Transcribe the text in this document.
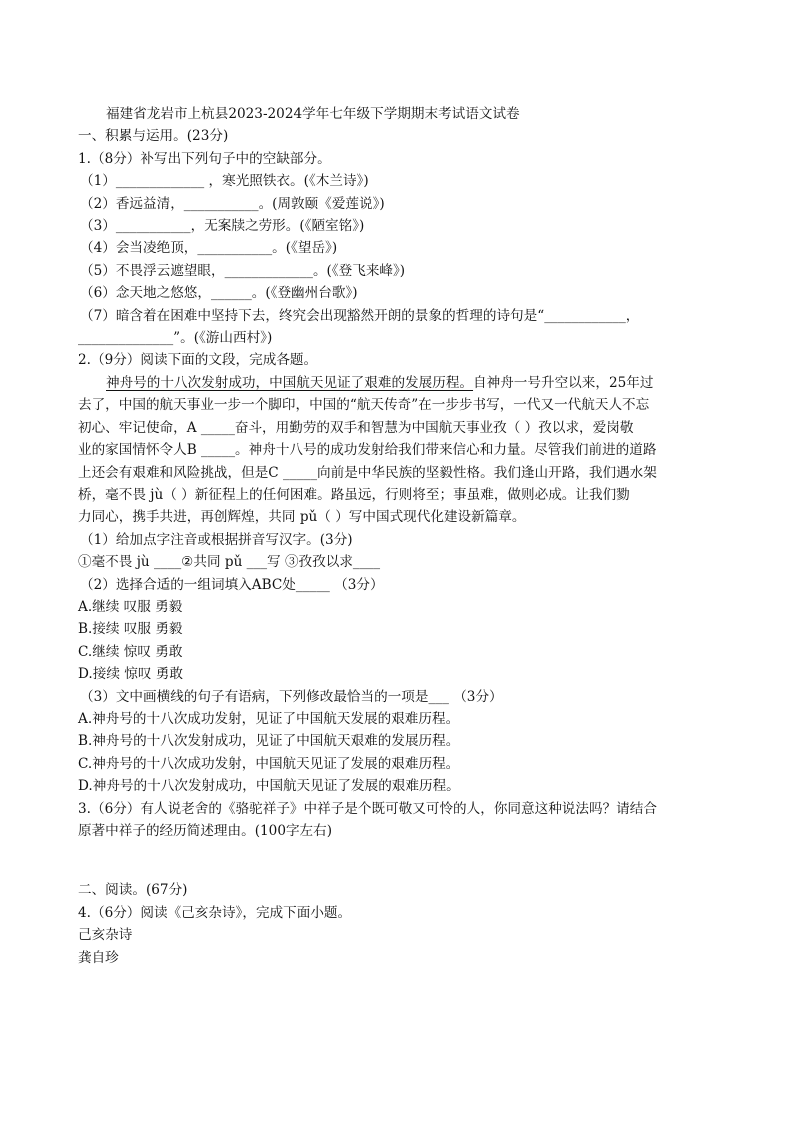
福建省龙岩市上杭县2023-2024学年七年级下学期期末考试语文试卷
一、积累与运用。(23分)
1.（8分）补写出下列句子中的空缺部分。
（1）_____________ ，寒光照铁衣。(《木兰诗》)
（2）香远益清，___________。(周敦颐《爱莲说》)
（3）___________，无案牍之劳形。(《陋室铭》)
（4）会当凌绝顶，___________。(《望岳》)
（5）不畏浮云遮望眼，_____________。(《登飞来峰》)
（6）念天地之悠悠，______。(《登幽州台歌》)
（7）暗含着在困难中坚持下去，终究会出现豁然开朗的景象的哲理的诗句是“____________，
______________”。(《游山西村》)
2.（9分）阅读下面的文段，完成各题。
神舟号的十八次发射成功，中国航天见证了艰难的发展历程。自神舟一号升空以来，25年过
去了，中国的航天事业一步一个脚印，中国的“航天传奇”在一步步书写，一代又一代航天人不忘
初心、牢记使命，A _____奋斗，用勤劳的双手和智慧为中国航天事业孜（ ）孜以求，爱岗敬
业的家国情怀令人B _____。神舟十八号的成功发射给我们带来信心和力量。尽管我们前进的道路
上还会有艰难和风险挑战，但是C _____向前是中华民族的坚毅性格。我们逢山开路，我们遇水架
桥，毫不畏 jù（ ）新征程上的任何困难。路虽远，行则将至；事虽难，做则必成。让我们勠
力同心，携手共进，再创辉煌，共同 pǔ（ ）写中国式现代化建设新篇章。
（1）给加点字注音或根据拼音写汉字。(3分)
①毫不畏 jù ____②共同 pǔ ___写 ③孜孜以求____
（2）选择合适的一组词填入ABC处_____ （3分）
A.继续 叹服 勇毅
B.接续 叹服 勇毅
C.继续 惊叹 勇敢
D.接续 惊叹 勇敢
（3）文中画横线的句子有语病，下列修改最恰当的一项是___ （3分）
A.神舟号的十八次成功发射，见证了中国航天发展的艰难历程。
B.神舟号的十八次发射成功，见证了中国航天艰难的发展历程。
C.神舟号的十八次成功发射，中国航天见证了发展的艰难历程。
D.神舟号的十八次发射成功，中国航天见证了发展的艰难历程。
3.（6分）有人说老舍的《骆驼祥子》中祥子是个既可敬又可怜的人，你同意这种说法吗？请结合
原著中祥子的经历简述理由。(100字左右)
二、阅读。(67分)
4.（6分）阅读《己亥杂诗》，完成下面小题。
己亥杂诗
龚自珍
